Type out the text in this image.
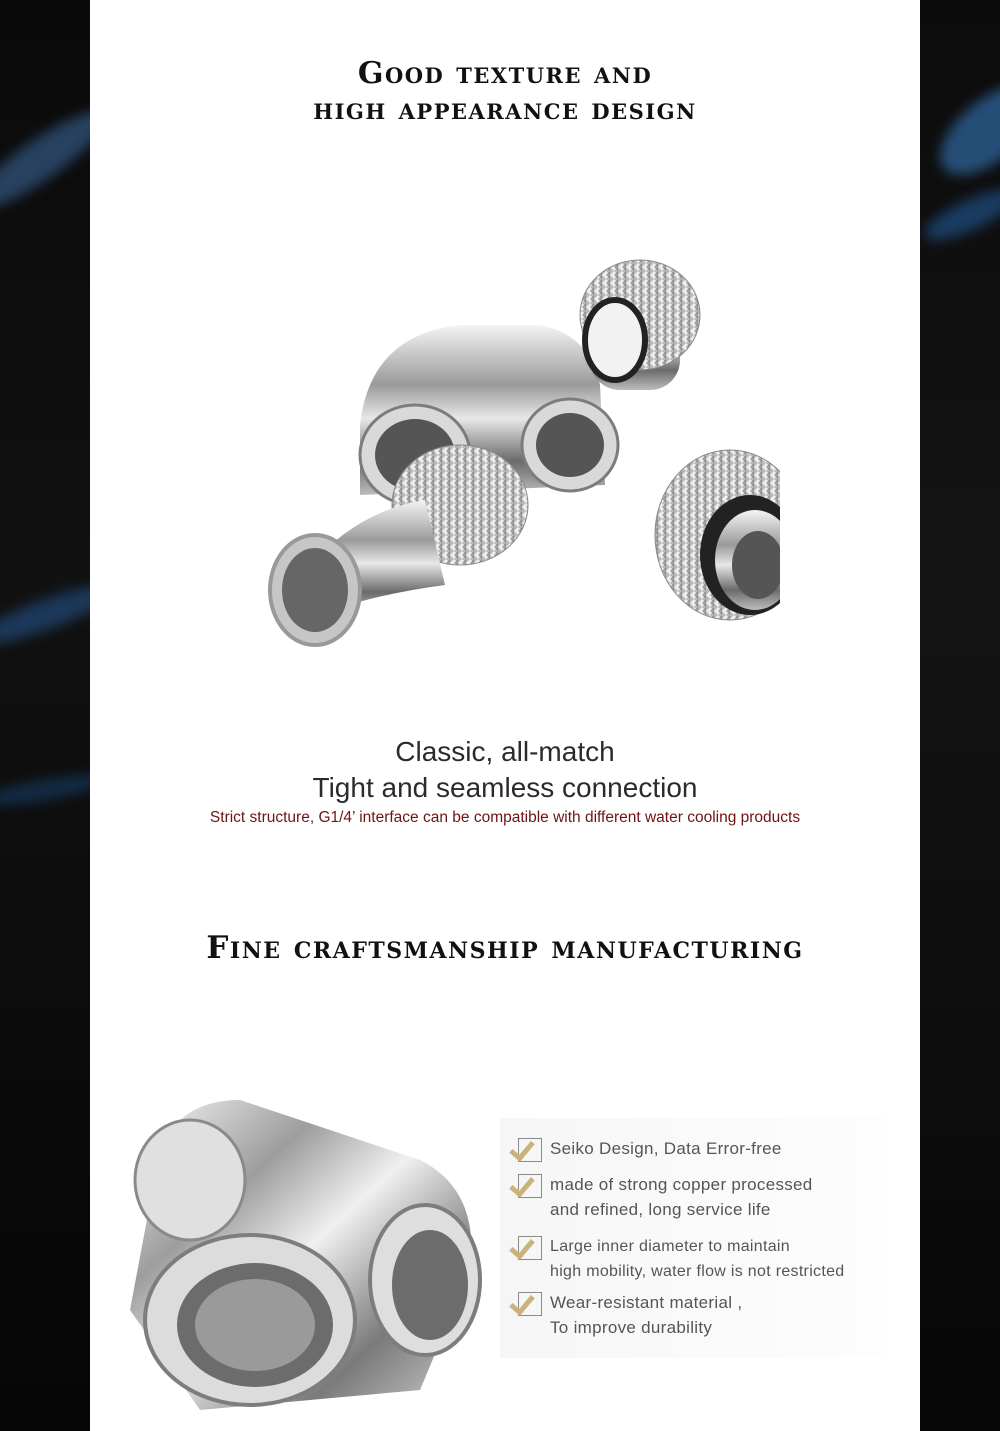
Good texture and
high appearance design
Classic, all-match
Tight and seamless connection
Strict structure, G1/4’ interface can be compatible with different water cooling products
Fine craftsmanship manufacturing
Seiko Design, Data Error-free
made of strong copper processed
and refined, long service life
Large inner diameter to maintain
high mobility, water flow is not restricted
Wear-resistant material ,
To improve durability
